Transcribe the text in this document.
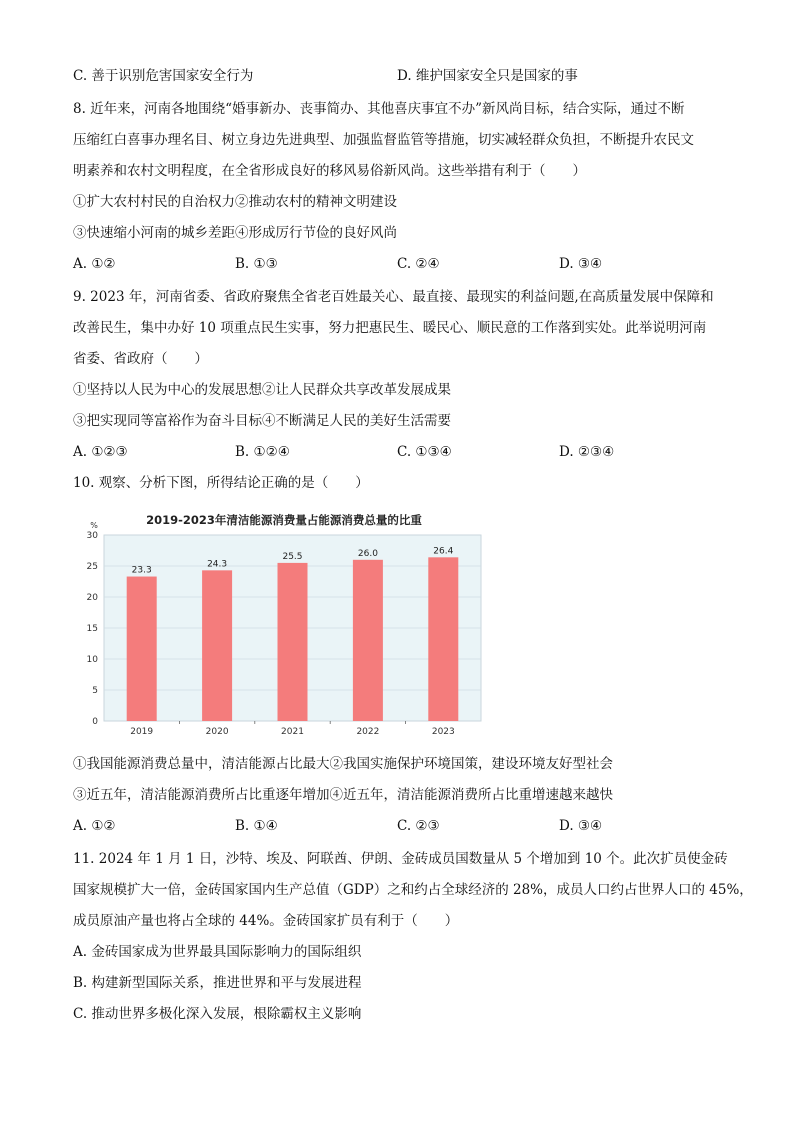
C. 善于识别危害国家安全行为	D. 维护国家安全只是国家的事
8. 近年来，河南各地围绕“婚事新办、丧事简办、其他喜庆事宜不办”新风尚目标，结合实际，通过不断
压缩红白喜事办理名目、树立身边先进典型、加强监督监管等措施，切实减轻群众负担，不断提升农民文
明素养和农村文明程度，在全省形成良好的移风易俗新风尚。这些举措有利于（　　）
①扩大农村村民的自治权力②推动农村的精神文明建设
③快速缩小河南的城乡差距④形成厉行节俭的良好风尚
A. ①②	B. ①③	C. ②④	D. ③④
9. 2023 年，河南省委、省政府聚焦全省老百姓最关心、最直接、最现实的利益问题,在高质量发展中保障和
改善民生，集中办好 10 项重点民生实事，努力把惠民生、暖民心、顺民意的工作落到实处。此举说明河南
省委、省政府（　　）
①坚持以人民为中心的发展思想②让人民群众共享改革发展成果
③把实现同等富裕作为奋斗目标④不断满足人民的美好生活需要
A. ①②③	B. ①②④	C. ①③④	D. ②③④
10. 观察、分析下图，所得结论正确的是（　　）
2019-2023年清洁能源消费量占能源消费总量的比重
%
0
5
10
15
20
25
30
23.3
24.3
25.5	26.0	26.4
2019	2020	2021	2022	2023
①我国能源消费总量中，清洁能源占比最大②我国实施保护环境国策，建设环境友好型社会
③近五年，清洁能源消费所占比重逐年增加④近五年，清洁能源消费所占比重增速越来越快
A. ①②	B. ①④	C. ②③	D. ③④
11. 2024 年 1 月 1 日，沙特、埃及、阿联酋、伊朗、金砖成员国数量从 5 个增加到 10 个。此次扩员使金砖
国家规模扩大一倍，金砖国家国内生产总值（GDP）之和约占全球经济的 28%，成员人口约占世界人口的 45%，
成员原油产量也将占全球的 44%。金砖国家扩员有利于（　　）
A. 金砖国家成为世界最具国际影响力的国际组织
B. 构建新型国际关系，推进世界和平与发展进程
C. 推动世界多极化深入发展，根除霸权主义影响
